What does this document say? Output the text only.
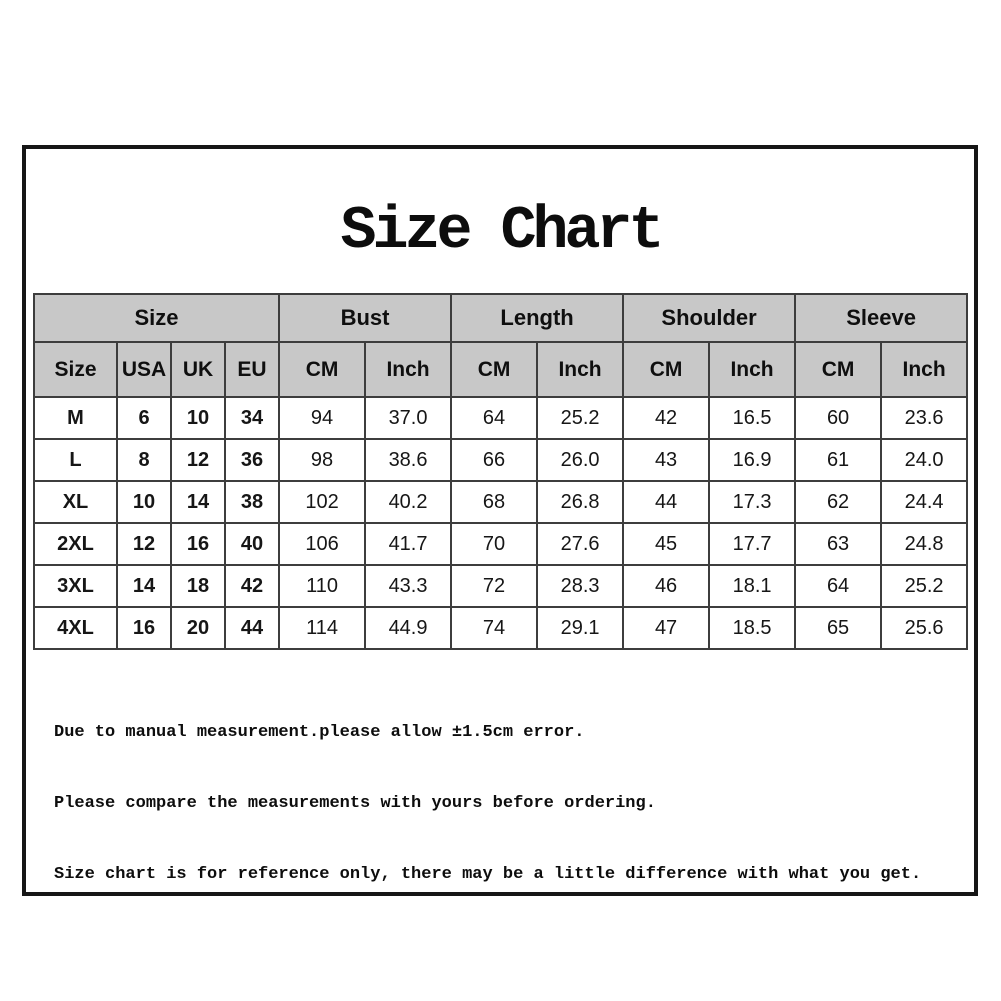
Size Chart
Size				Bust		Length		Shoulder		Sleeve	
Size	USA	UK	EU	CM	Inch	CM	Inch	CM	Inch	CM	Inch
M	6	10	34	94	37.0	64	25.2	42	16.5	60	23.6
L	8	12	36	98	38.6	66	26.0	43	16.9	61	24.0
XL	10	14	38	102	40.2	68	26.8	44	17.3	62	24.4
2XL	12	16	40	106	41.7	70	27.6	45	17.7	63	24.8
3XL	14	18	42	110	43.3	72	28.3	46	18.1	64	25.2
4XL	16	20	44	114	44.9	74	29.1	47	18.5	65	25.6

Due to manual measurement.please allow ±1.5cm error.

Please compare the measurements with yours before ordering.

Size chart is for reference only, there may be a little difference with what you get.
